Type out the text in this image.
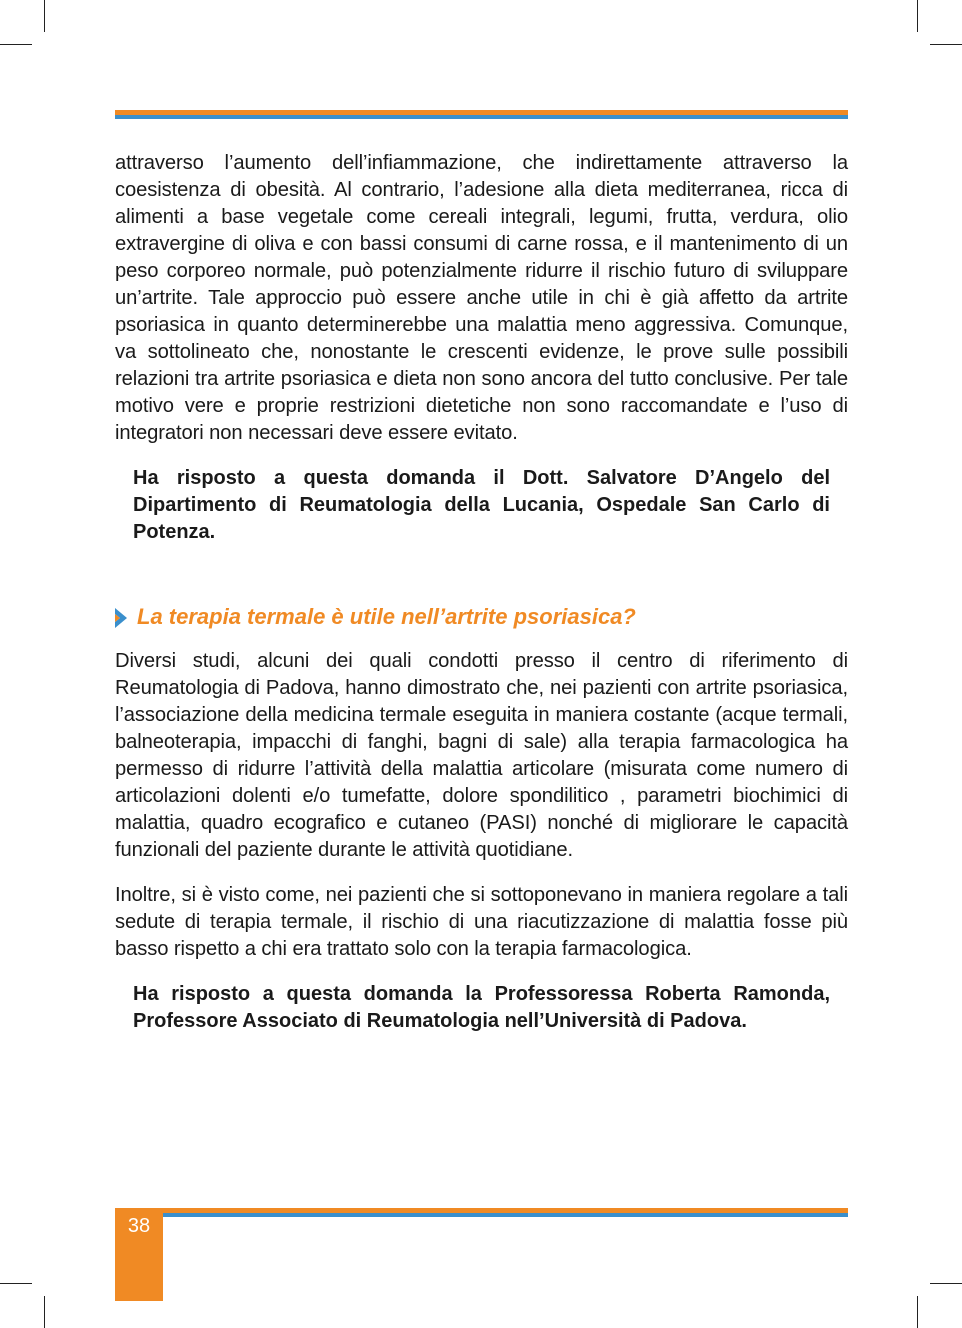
attraverso l’aumento dell’infiammazione, che indirettamente attraverso la coesistenza di obesità. Al contrario, l’adesione alla dieta mediterranea, ricca di alimenti a base vegetale come cereali integrali, legumi, frutta, verdura, olio extravergine di oliva e con bassi consumi di carne rossa, e il mantenimento di un peso corporeo normale, può potenzialmente ridurre il rischio futuro di sviluppare un’artrite. Tale approccio può essere anche utile in chi è già affetto da artrite psoriasica in quanto determinerebbe una malattia meno aggressiva. Comunque, va sottolineato che, nonostante le crescenti evidenze, le prove sulle possibili relazioni tra artrite psoriasica e dieta non sono ancora del tutto conclusive. Per tale motivo vere e proprie restrizioni dietetiche non sono raccomandate e l’uso di integratori non necessari deve essere evitato.

Ha risposto a questa domanda il Dott. Salvatore D’Angelo del Dipartimento di Reumatologia della Lucania, Ospedale San Carlo di Potenza.

La terapia termale è utile nell’artrite psoriasica?

Diversi studi, alcuni dei quali condotti presso il centro di riferimento di Reumatologia di Padova, hanno dimostrato che, nei pazienti con artrite psoriasica, l’associazione della medicina termale eseguita in maniera costante (acque termali, balneoterapia, impacchi di fanghi, bagni di sale) alla terapia farmacologica ha permesso di ridurre l’attività della malattia articolare (misurata come numero di articolazioni dolenti e/o tumefatte, dolore spondilitico , parametri biochimici di malattia, quadro ecografico e cutaneo (PASI) nonché di migliorare le capacità funzionali del paziente durante le attività quotidiane.

Inoltre, si è visto come, nei pazienti che si sottoponevano in maniera regolare a tali sedute di terapia termale, il rischio di una riacutizzazione di malattia fosse più basso rispetto a chi era trattato solo con la terapia farmacologica.

Ha risposto a questa domanda la Professoressa Roberta Ramonda, Professore Associato di Reumatologia nell’Università di Padova.

38
